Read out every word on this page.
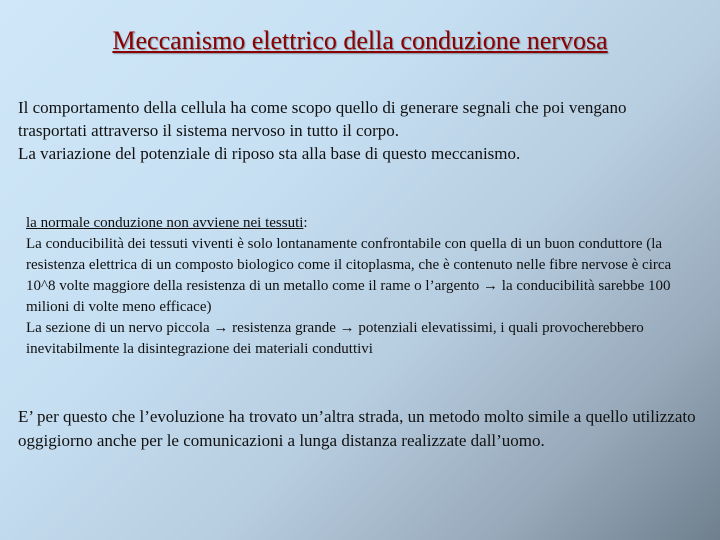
Meccanismo elettrico della conduzione nervosa

Il comportamento della cellula ha come scopo quello di generare segnali che poi vengano trasportati attraverso il sistema nervoso in tutto il corpo.

La variazione del potenziale di riposo sta alla base di questo meccanismo.

la normale conduzione non avviene nei tessuti:

La conducibilità dei tessuti viventi è solo lontanamente confrontabile con quella di un buon conduttore (la resistenza elettrica di un composto biologico come il citoplasma, che è contenuto nelle fibre nervose è circa 10^8 volte maggiore della resistenza di un metallo come il rame o l’argento → la conducibilità sarebbe 100 milioni di volte meno efficace)

La sezione di un nervo piccola → resistenza grande → potenziali elevatissimi, i quali provocherebbero inevitabilmente la disintegrazione dei materiali conduttivi

E’ per questo che l’evoluzione ha trovato un’altra strada, un metodo molto simile a quello utilizzato oggigiorno anche per le comunicazioni a lunga distanza realizzate dall’uomo.
